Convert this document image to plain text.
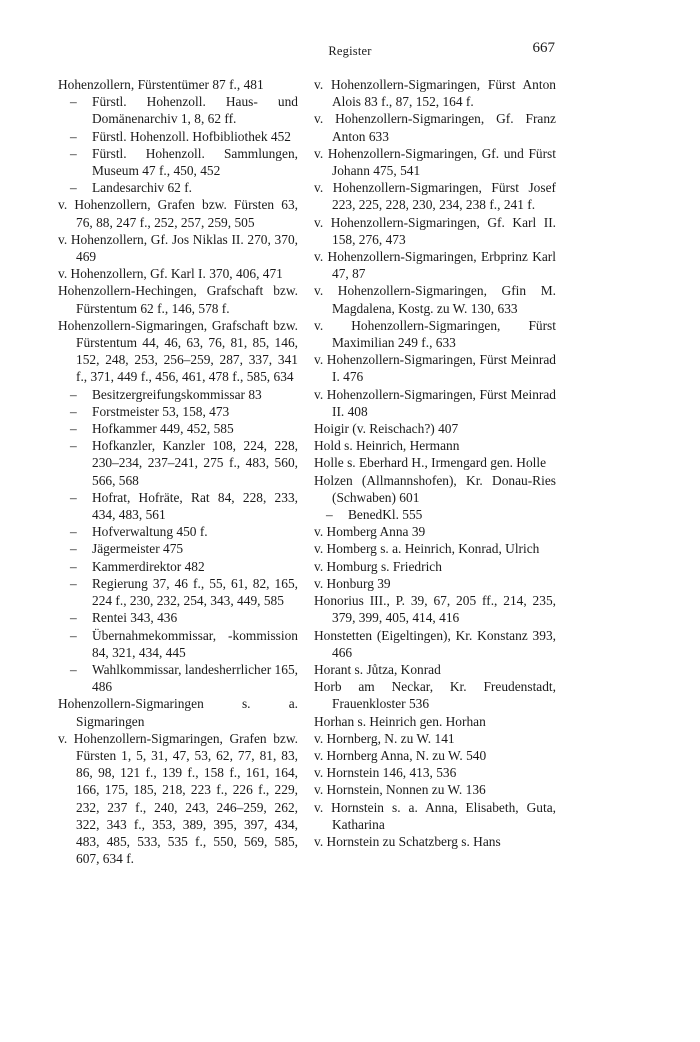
Register	667
Hohenzollern, Fürstentümer 87 f., 481
– Fürstl. Hohenzoll. Haus- und Domänenarchiv 1, 8, 62 ff.
– Fürstl. Hohenzoll. Hofbibliothek 452
– Fürstl. Hohenzoll. Sammlungen, Museum 47 f., 450, 452
– Landesarchiv 62 f.
v. Hohenzollern, Grafen bzw. Fürsten 63, 76, 88, 247 f., 252, 257, 259, 505
v. Hohenzollern, Gf. Jos Niklas II. 270, 370, 469
v. Hohenzollern, Gf. Karl I. 370, 406, 471
Hohenzollern-Hechingen, Grafschaft bzw. Fürstentum 62 f., 146, 578 f.
Hohenzollern-Sigmaringen, Grafschaft bzw. Fürstentum 44, 46, 63, 76, 81, 85, 146, 152, 248, 253, 256–259, 287, 337, 341 f., 371, 449 f., 456, 461, 478 f., 585, 634
– Besitzergreifungskommissar 83
– Forstmeister 53, 158, 473
– Hofkammer 449, 452, 585
– Hofkanzler, Kanzler 108, 224, 228, 230–234, 237–241, 275 f., 483, 560, 566, 568
– Hofrat, Hofräte, Rat 84, 228, 233, 434, 483, 561
– Hofverwaltung 450 f.
– Jägermeister 475
– Kammerdirektor 482
– Regierung 37, 46 f., 55, 61, 82, 165, 224 f., 230, 232, 254, 343, 449, 585
– Rentei 343, 436
– Übernahmekommissar, -kommission 84, 321, 434, 445
– Wahlkommissar, landesherrlicher 165, 486
Hohenzollern-Sigmaringen s. a. Sigmaringen
v. Hohenzollern-Sigmaringen, Grafen bzw. Fürsten 1, 5, 31, 47, 53, 62, 77, 81, 83, 86, 98, 121 f., 139 f., 158 f., 161, 164, 166, 175, 185, 218, 223 f., 226 f., 229, 232, 237 f., 240, 243, 246–259, 262, 322, 343 f., 353, 389, 395, 397, 434, 483, 485, 533, 535 f., 550, 569, 585, 607, 634 f.
v. Hohenzollern-Sigmaringen, Fürst Anton Alois 83 f., 87, 152, 164 f.
v. Hohenzollern-Sigmaringen, Gf. Franz Anton 633
v. Hohenzollern-Sigmaringen, Gf. und Fürst Johann 475, 541
v. Hohenzollern-Sigmaringen, Fürst Josef 223, 225, 228, 230, 234, 238 f., 241 f.
v. Hohenzollern-Sigmaringen, Gf. Karl II. 158, 276, 473
v. Hohenzollern-Sigmaringen, Erbprinz Karl 47, 87
v. Hohenzollern-Sigmaringen, Gfin M. Magdalena, Kostg. zu W. 130, 633
v. Hohenzollern-Sigmaringen, Fürst Maximilian 249 f., 633
v. Hohenzollern-Sigmaringen, Fürst Meinrad I. 476
v. Hohenzollern-Sigmaringen, Fürst Meinrad II. 408
Hoigir (v. Reischach?) 407
Hold s. Heinrich, Hermann
Holle s. Eberhard H., Irmengard gen. Holle
Holzen (Allmannshofen), Kr. Donau-Ries (Schwaben) 601
– BenedKl. 555
v. Homberg Anna 39
v. Homberg s. a. Heinrich, Konrad, Ulrich
v. Homburg s. Friedrich
v. Honburg 39
Honorius III., P. 39, 67, 205 ff., 214, 235, 379, 399, 405, 414, 416
Honstetten (Eigeltingen), Kr. Konstanz 393, 466
Horant s. Jůtza, Konrad
Horb am Neckar, Kr. Freudenstadt, Frauenkloster 536
Horhan s. Heinrich gen. Horhan
v. Hornberg, N. zu W. 141
v. Hornberg Anna, N. zu W. 540
v. Hornstein 146, 413, 536
v. Hornstein, Nonnen zu W. 136
v. Hornstein s. a. Anna, Elisabeth, Guta, Katharina
v. Hornstein zu Schatzberg s. Hans
